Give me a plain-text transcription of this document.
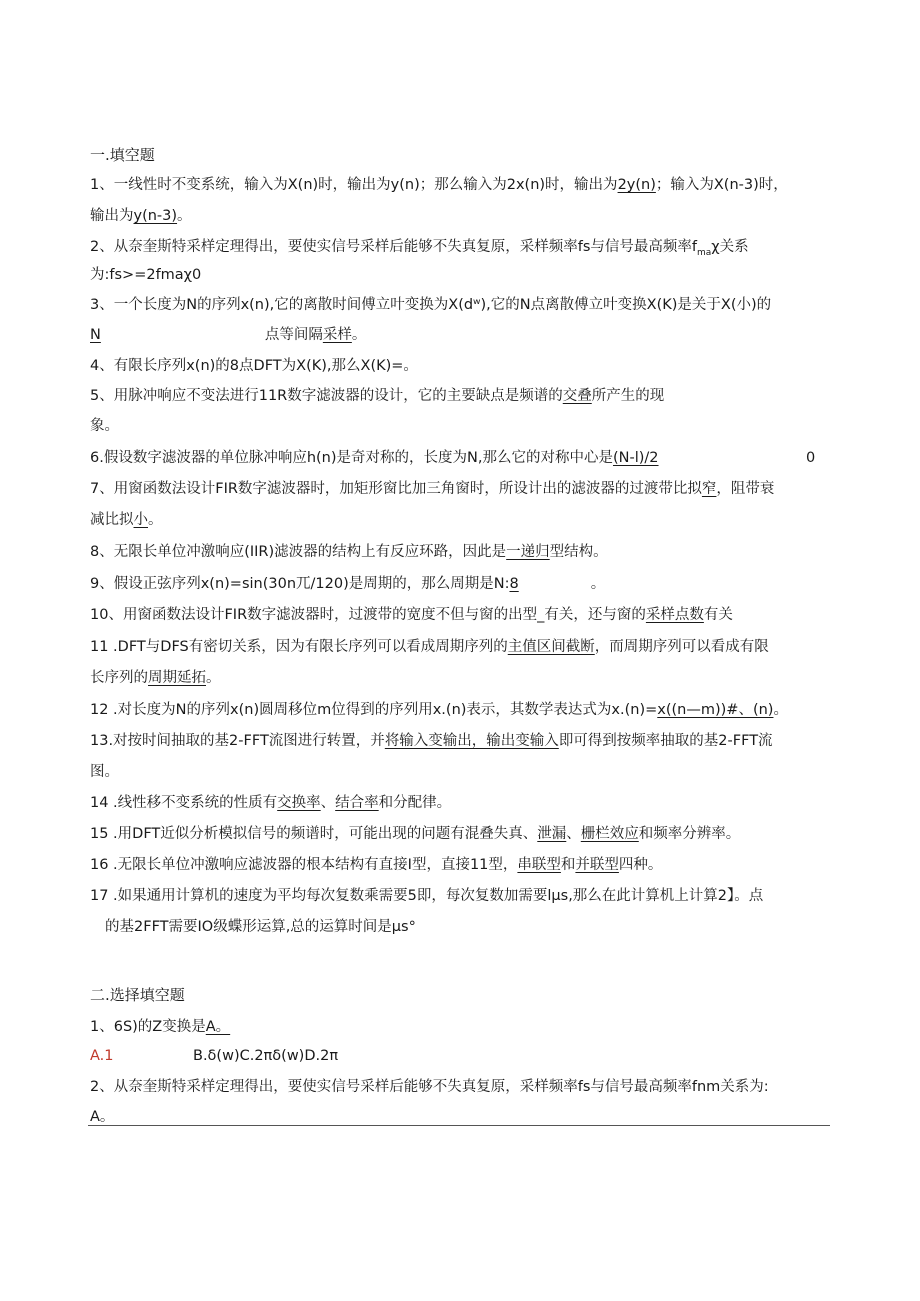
一.填空题
1、一线性时不变系统，输入为X(n)时，输出为y(n)；那么输入为2x(n)时，输出为2y(n)；输入为X(n-3)时，
输出为y(n-3)。
2、从奈奎斯特采样定理得出，要使实信号采样后能够不失真复原，采样频率fs与信号最高频率$f_{ma}\chi$关系
为:fs>=2fmaχ0
3、一个长度为N的序列x(n),它的离散时间傅立叶变换为X(dʷ),它的N点离散傅立叶变换X(K)是关于X(小)的
N	点等间隔采样。
4、有限长序列x(n)的8点DFT为X(K),那么X(K)=。
5、用脉冲响应不变法进行11R数字滤波器的设计，它的主要缺点是频谱的交叠所产生的现
象。
6.假设数字滤波器的单位脉冲响应h(n)是奇对称的，长度为N,那么它的对称中心是(N-l)/2	0
7、用窗函数法设计FIR数字滤波器时，加矩形窗比加三角窗时，所设计出的滤波器的过渡带比拟窄，阻带衰
减比拟小。
8、无限长单位冲激响应(IIR)滤波器的结构上有反应环路，因此是一递归型结构。
9、假设正弦序列x(n)=sin(30n兀/120)是周期的，那么周期是N:8	。
10、用窗函数法设计FIR数字滤波器时，过渡带的宽度不但与窗的出型_有关，还与窗的采样点数有关
11 .DFT与DFS有密切关系，因为有限长序列可以看成周期序列的主值区间截断，而周期序列可以看成有限
长序列的周期延拓。
12 .对长度为N的序列x(n)圆周移位m位得到的序列用x.(n)表示，其数学表达式为x.(n)=x((n—m))#、(n)。
13.对按时间抽取的基2-FFT流图进行转置，并将输入变输出，输出变输入即可得到按频率抽取的基2-FFT流
图。
14 .线性移不变系统的性质有交换率、结合率和分配律。
15 .用DFT近似分析模拟信号的频谱时，可能出现的问题有混叠失真、泄漏、栅栏效应和频率分辨率。
16 .无限长单位冲激响应滤波器的根本结构有直接I型，直接11型，串联型和并联型四种。
17 .如果通用计算机的速度为平均每次复数乘需要5即，每次复数加需要lμs,那么在此计算机上计算2】。点
的基2FFT需要IO级蝶形运算,总的运算时间是μs°
二.选择填空题
1、6S)的Z变换是A。
A.1	B.δ(w)C.2πδ(w)D.2π
2、从奈奎斯特采样定理得出，要使实信号采样后能够不失真复原，采样频率fs与信号最高频率fnm关系为:
A。
